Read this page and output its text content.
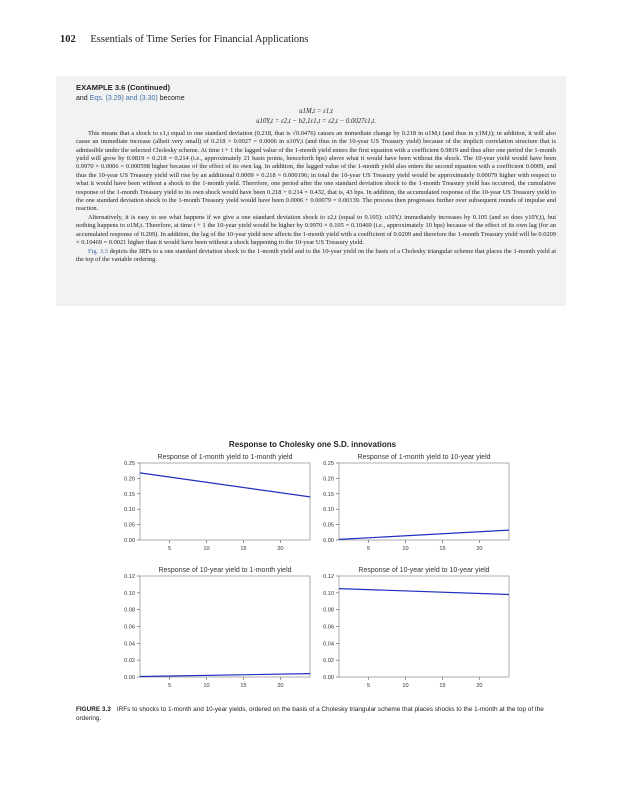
102 Essentials of Time Series for Financial Applications
EXAMPLE 3.6 (Continued)
and Eqs. (3.29) and (3.30) become
u1M,t = ε1,t
u10Y,t = ε2,t − b2,1ε1,t = ε2,t − 0.0027ε1,t.

This means that a shock to ε1,t equal to one standard deviation (0.218, that is √0.0476) causes an immediate change by 0.218 in u1M,t (and thus in y1M,t); in addition, it will also cause an immediate increase (albeit very small) of 0.218 × 0.0027 = 0.0006 in u10Y,t (and thus in the 10-year US Treasury yield) because of the implicit correlation structure that is admissible under the selected Cholesky scheme. At time t + 1 the lagged value of the 1-month yield enters the first equation with a coefficient 0.9819 and thus after one period the 1-month yield will grow by 0.9819 × 0.218 = 0.214 (i.e., approximately 21 basis points, henceforth bps) above what it would have been without the shock. The 10-year yield would have been 0.9970 × 0.0006 = 0.000598 higher because of the effect of its own lag. In addition, the lagged value of the 1-month yield also enters the second equation with a coefficient 0.0009, and thus the 10-year US Treasury yield will rise by an additional 0.0009 × 0.218 = 0.000196; in total the 10-year US Treasury yield would be approximately 0.00079 higher with respect to what it would have been without a shock to the 1-month yield. Therefore, one period after the one standard deviation shock to the 1-month Treasury yield has occurred, the cumulative response of the 1-month Treasury yield to its own shock would have been 0.218 + 0.214 = 0.432, that is, 43 bps. In addition, the accumulated response of the 10-year US Treasury yield to the one standard deviation shock to the 1-month Treasury yield would have been 0.0006 + 0.00079 = 0.00139. The process then progresses further over subsequent rounds of impulse and reaction.

Alternatively, it is easy to see what happens if we give a one standard deviation shock to ε2,t (equal to 0.105): u10Y,t immediately increases by 0.105 (and so does y10Y,t), but nothing happens to u1M,t. Therefore, at time t + 1 the 10-year yield would be higher by 0.9970 × 0.105 = 0.10469 (i.e., approximately 10 bps) because of the effect of its own lag (for an accumulated response of 0.209). In addition, the lag of the 10-year yield now affects the 1-month yield with a coefficient of 0.0209 and therefore the 1-month Treasury yield will be 0.0209 × 0.10469 = 0.0021 higher than it would have been without a shock happening to the 10-year US Treasury yield.

Fig. 3.3 depicts the IRFs to a one standard deviation shock to the 1-month yield and to the 10-year yield on the basis of a Cholesky triangular scheme that places the 1-month yield at the top of the variable ordering.

Response to Cholesky one S.D. innovations
Response of 1-month yield to 1-month yield
0.00
0.05
0.10
0.15
0.20
0.25
5	10	15	20
Response of 1-month yield to 10-year yield
0.00
0.05
0.10
0.15
0.20
0.25
5	10	15	20
Response of 10-year yield to 1-month yield
0.00
0.02
0.04
0.06
0.08
0.10
0.12
5	10	15	20
Response of 10-year yield to 10-year yield
0.00
0.02
0.04
0.06
0.08
0.10
0.12
5	10	15	20
FIGURE 3.3 IRFs to shocks to 1-month and 10-year yields, ordered on the basis of a Cholesky triangular scheme that places shocks to the 1-month at the top of the ordering.
